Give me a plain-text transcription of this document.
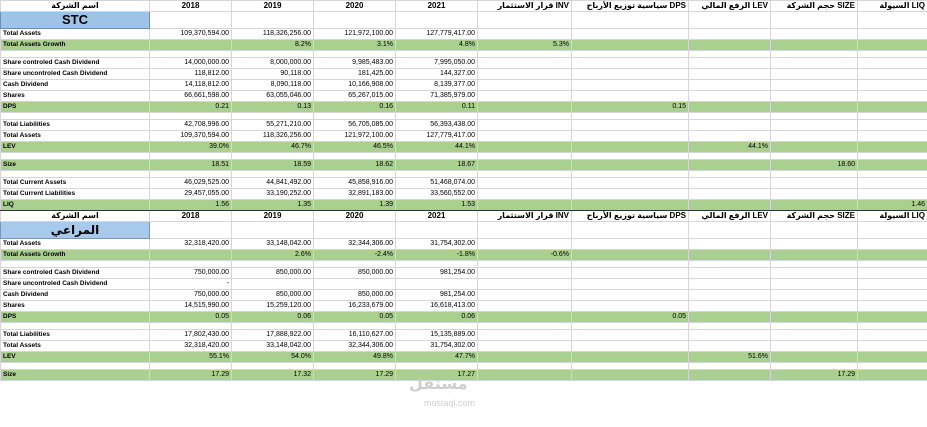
اسم الشركة	2018	2019	2020	2021	قرار الاستثمار INV	سياسية توزيع الأرباح DPS	الرفع المالي LEV	حجم الشركة SIZE	السيولة LIQ
STC									
Total Assets	109,370,594.00	118,326,256.00	121,972,100.00	127,779,417.00					
Total Assets Growth		8.2%	3.1%	4.8%	5.3%				

Share controled Cash Dividend	14,000,000.00	8,000,000.00	9,985,483.00	7,995,050.00					
Share uncontroled Cash Dividend	118,812.00	90,118.00	181,425.00	144,327.00					
Cash Dividend	14,118,812.00	8,090,118.00	10,166,908.00	8,139,377.00					
Shares	66,661,598.00	63,055,046.00	65,267,015.00	71,385,979.00					
DPS	0.21	0.13	0.16	0.11		0.15			

Total Liabilities	42,708,996.00	55,271,210.00	56,705,085.00	56,393,438.00					
Total Assets	109,370,594.00	118,326,256.00	121,972,100.00	127,779,417.00					
LEV	39.0%	46.7%	46.5%	44.1%			44.1%		

Size	18.51	18.59	18.62	18.67				18.60	

Total Current Assets	46,029,525.00	44,841,492.00	45,858,916.00	51,468,074.00					
Total Current Liabilities	29,457,055.00	33,190,252.00	32,891,183.00	33,560,552.00					
LIQ	1.56	1.35	1.39	1.53					1.46
اسم الشركة	2018	2019	2020	2021	قرار الاستثمار INV	سياسية توزيع الأرباح DPS	الرفع المالي LEV	حجم الشركة SIZE	السيولة LIQ
المراعي									
Total Assets	32,318,420.00	33,148,042.00	32,344,306.00	31,754,302.00					
Total Assets Growth		2.6%	-2.4%	-1.8%	-0.6%				

Share controled Cash Dividend	750,000.00	850,000.00	850,000.00	981,254.00					
Share uncontroled Cash Dividend	-								
Cash Dividend	750,000.00	850,000.00	850,000.00	981,254.00					
Shares	14,515,990.00	15,259,120.00	16,233,679.00	16,618,413.00					
DPS	0.05	0.06	0.05	0.06		0.05			

Total Liabilities	17,802,430.00	17,888,922.00	16,110,627.00	15,135,889.00					
Total Assets	32,318,420.00	33,148,042.00	32,344,306.00	31,754,302.00					
LEV	55.1%	54.0%	49.8%	47.7%			51.6%		

Size	17.29	17.32	17.29	17.27				17.29	
مستقل
mostaql.com
